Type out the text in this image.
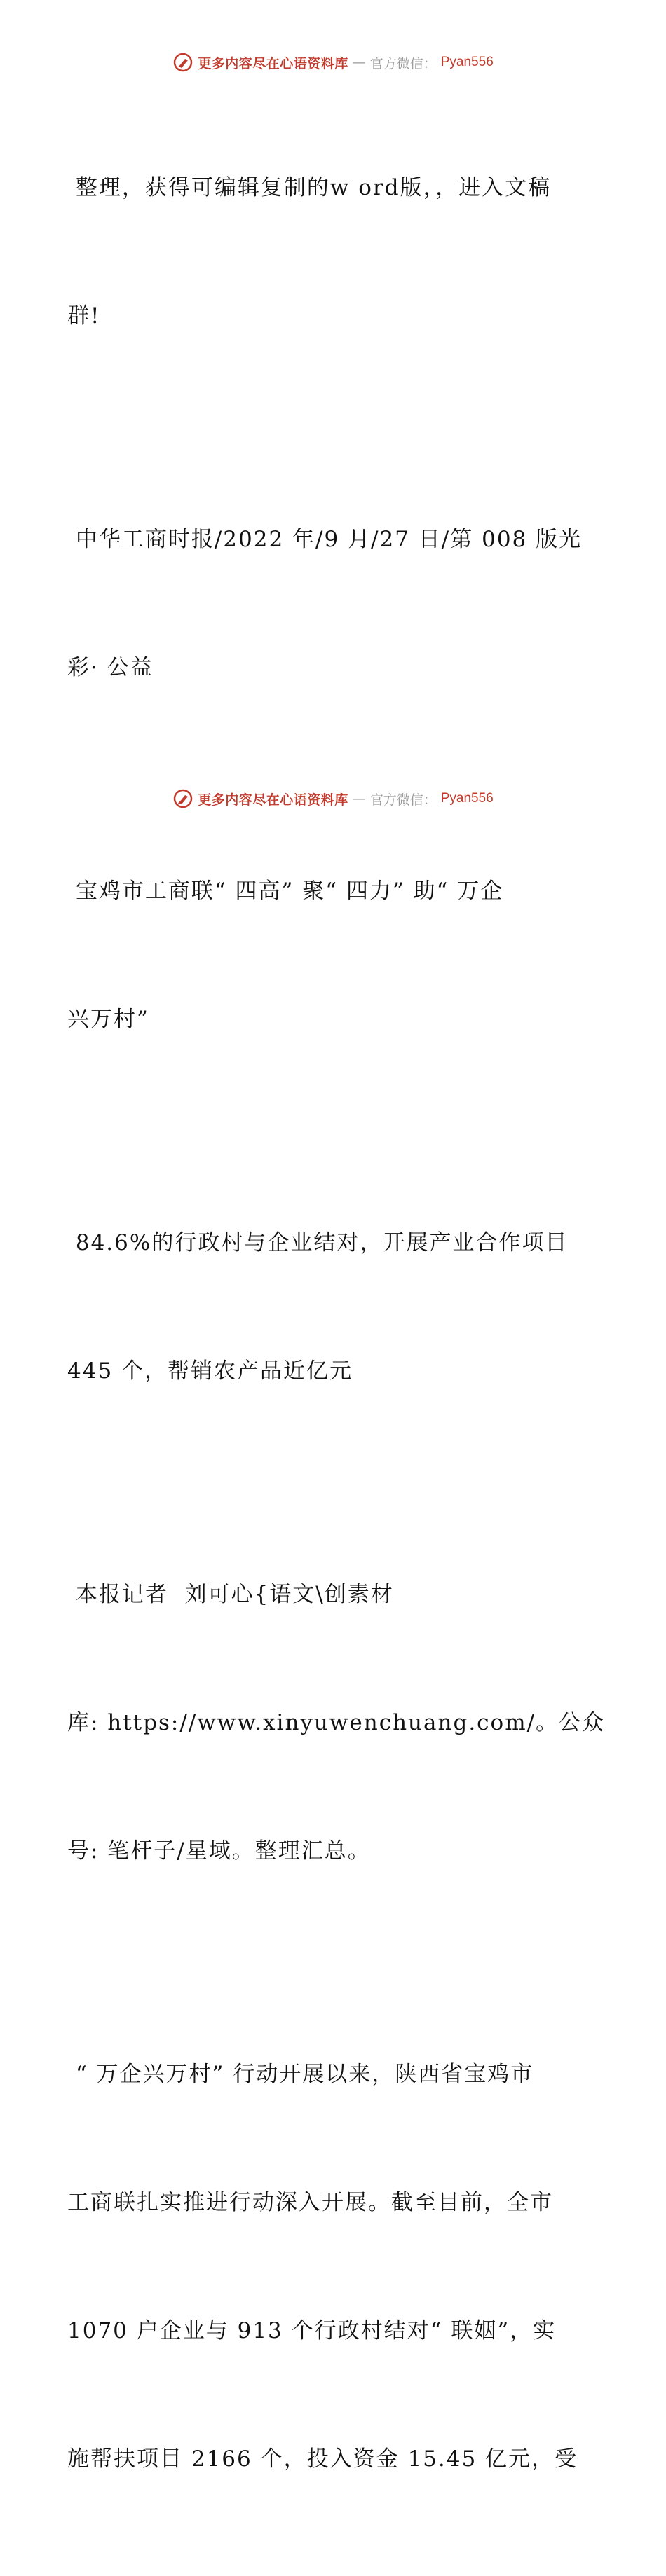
更多内容尽在心语资料库 — 官方微信： Pyan556

整理，获得可编辑复制的w ord版，，进入文稿

群!

中华工商时报/2022 年/9 月/27 日/第 008 版光

彩· 公益

宝鸡市工商联“ 四高” 聚“ 四力” 助“ 万企

兴万村”

84.6%的行政村与企业结对，开展产业合作项目

445 个，帮销农产品近亿元

本报记者  刘可心{语文\创素材

库: https://www.xinyuwenchuang.com/。公众

号: 笔杆子/星域。整理汇总。

“ 万企兴万村” 行动开展以来，陕西省宝鸡市

工商联扎实推进行动深入开展。截至目前，全市

1070 户企业与 913 个行政村结对“ 联姻”，实

施帮扶项目 2166 个，投入资金 15.45 亿元，受

更多内容尽在心语资料库 — 官方微信： Pyan556
